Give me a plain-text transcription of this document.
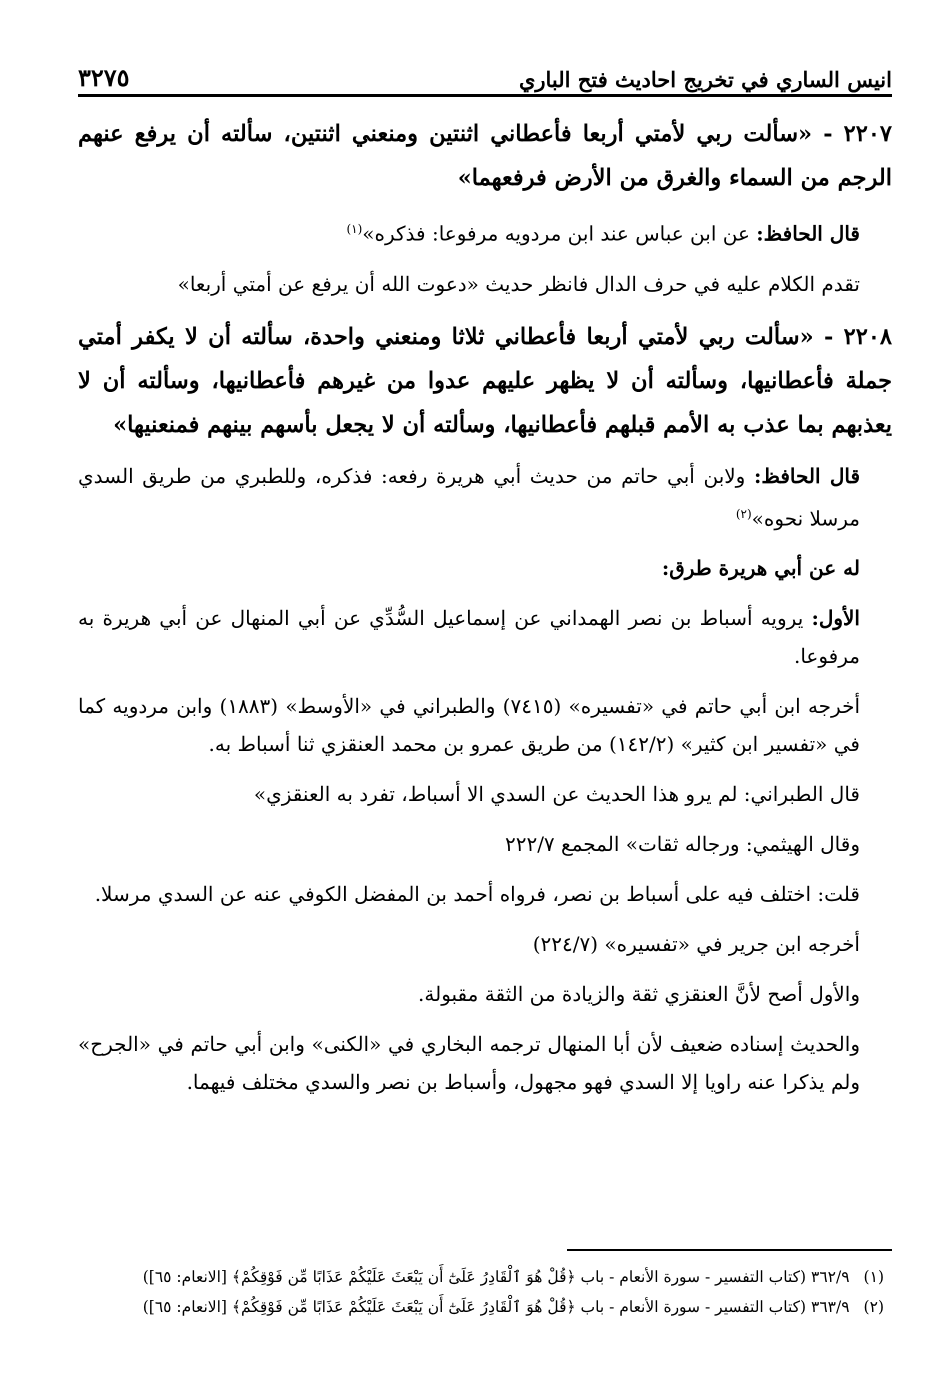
انيس الساري في تخريج احاديث فتح الباري
٣٢٧٥

٢٢٠٧ - «سألت ربي لأمتي أربعا فأعطاني اثنتين ومنعني اثنتين، سألته أن يرفع عنهم الرجم من السماء والغرق من الأرض فرفعهما»

قال الحافظ: عن ابن عباس عند ابن مردويه مرفوعا: فذكره»$^{(١)}$

تقدم الكلام عليه في حرف الدال فانظر حديث «دعوت الله أن يرفع عن أمتي أربعا»

٢٢٠٨ - «سألت ربي لأمتي أربعا فأعطاني ثلاثا ومنعني واحدة، سألته أن لا يكفر أمتي جملة فأعطانيها، وسألته أن لا يظهر عليهم عدوا من غيرهم فأعطانيها، وسألته أن لا يعذبهم بما عذب به الأمم قبلهم فأعطانيها، وسألته أن لا يجعل بأسهم بينهم فمنعنيها»

قال الحافظ: ولابن أبي حاتم من حديث أبي هريرة رفعه: فذكره، وللطبري من طريق السدي مرسلا نحوه»$^{(٢)}$

له عن أبي هريرة طرق:

الأول: يرويه أسباط بن نصر الهمداني عن إسماعيل السُّدِّي عن أبي المنهال عن أبي هريرة به مرفوعا.

أخرجه ابن أبي حاتم في «تفسيره» (٧٤١٥) والطبراني في «الأوسط» (١٨٨٣) وابن مردويه كما في «تفسير ابن كثير» (١٤٢/٢) من طريق عمرو بن محمد العنقزي ثنا أسباط به.

قال الطبراني: لم يرو هذا الحديث عن السدي الا أسباط، تفرد به العنقزي»

وقال الهيثمي: ورجاله ثقات» المجمع ٢٢٢/٧

قلت: اختلف فيه على أسباط بن نصر، فرواه أحمد بن المفضل الكوفي عنه عن السدي مرسلا.

أخرجه ابن جرير في «تفسيره» (٢٢٤/٧)

والأول أصح لأنَّ العنقزي ثقة والزيادة من الثقة مقبولة.

والحديث إسناده ضعيف لأن أبا المنهال ترجمه البخاري في «الكنى» وابن أبي حاتم في «الجرح» ولم يذكرا عنه راويا إلا السدي فهو مجهول، وأسباط بن نصر والسدي مختلف فيهما.

(١)
٣٦٢/٩ (كتاب التفسير - سورة الأنعام - باب ﴿قُلْ هُوَ ٱلْقَادِرُ عَلَىٰٓ أَن يَبْعَثَ عَلَيْكُمْ عَذَابًا مِّن فَوْقِكُمْ﴾ [الانعام: ٦٥])
(٢)
٣٦٣/٩ (كتاب التفسير - سورة الأنعام - باب ﴿قُلْ هُوَ ٱلْقَادِرُ عَلَىٰٓ أَن يَبْعَثَ عَلَيْكُمْ عَذَابًا مِّن فَوْقِكُمْ﴾ [الانعام: ٦٥])
